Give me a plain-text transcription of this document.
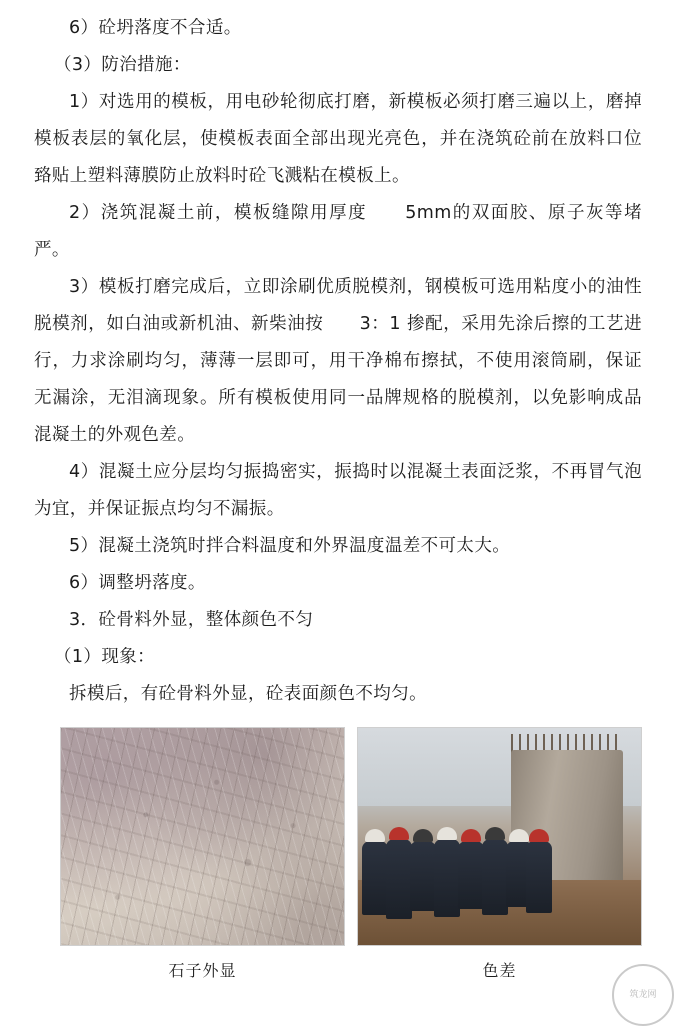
6）砼坍落度不合适。

（3）防治措施：

1）对选用的模板，用电砂轮彻底打磨，新模板必须打磨三遍以上，磨掉模板表层的氧化层，使模板表面全部出现光亮色，并在浇筑砼前在放料口位臵贴上塑料薄膜防止放料时砼飞溅粘在模板上。

2）浇筑混凝土前，模板缝隙用厚度　　5mm的双面胶、原子灰等堵严。

3）模板打磨完成后，立即涂刷优质脱模剂，钢模板可选用粘度小的油性脱模剂，如白油或新机油、新柴油按　　3：1 掺配，采用先涂后擦的工艺进行，力求涂刷均匀，薄薄一层即可，用干净棉布擦拭，不使用滚筒刷，保证无漏涂，无泪滴现象。所有模板使用同一品牌规格的脱模剂，以免影响成品混凝土的外观色差。

4）混凝土应分层均匀振捣密实，振捣时以混凝土表面泛浆，不再冒气泡为宜，并保证振点均匀不漏振。

5）混凝土浇筑时拌合料温度和外界温度温差不可太大。

6）调整坍落度。

3．砼骨料外显，整体颜色不匀

（1）现象：

拆模后，有砼骨料外显，砼表面颜色不均匀。

石子外显	色差
筑龙网
